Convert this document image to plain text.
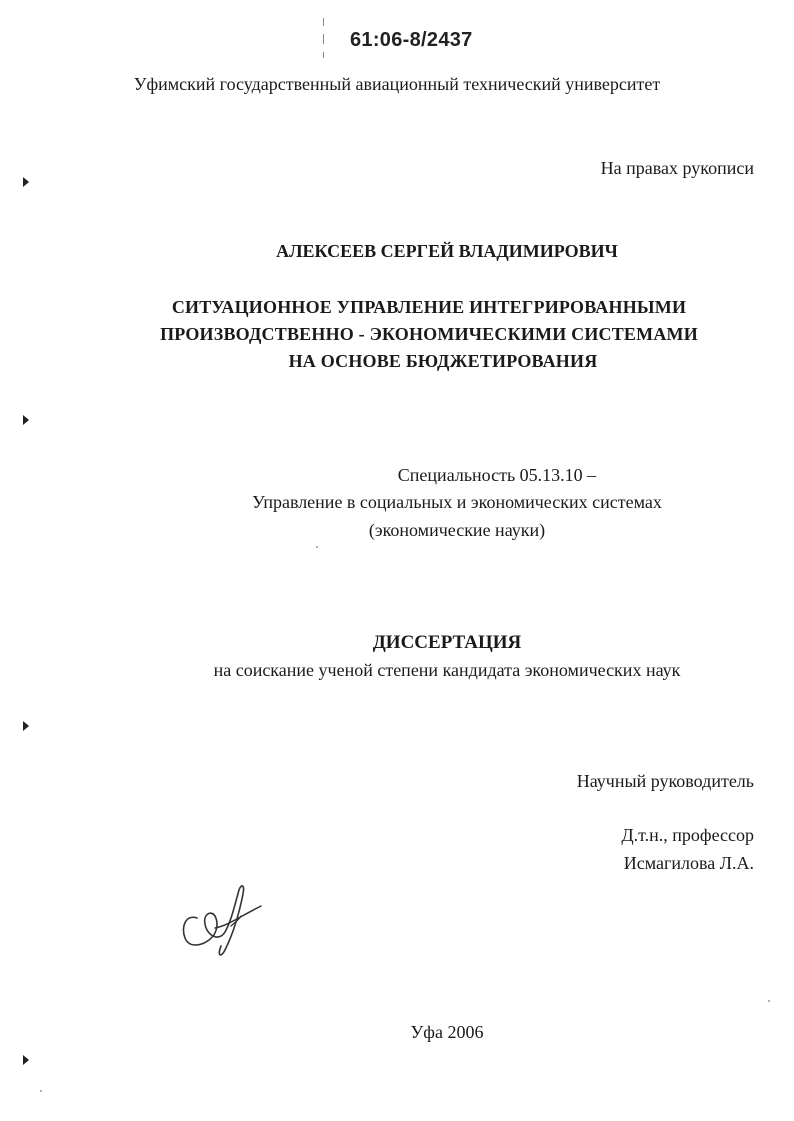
61:06-8/2437
Уфимский государственный авиационный технический университет
На правах рукописи
АЛЕКСЕЕВ СЕРГЕЙ ВЛАДИМИРОВИЧ
СИТУАЦИОННОЕ УПРАВЛЕНИЕ ИНТЕГРИРОВАННЫМИ
ПРОИЗВОДСТВЕННО - ЭКОНОМИЧЕСКИМИ СИСТЕМАМИ
НА ОСНОВЕ БЮДЖЕТИРОВАНИЯ
Специальность 05.13.10 –
Управление в социальных и экономических системах
(экономические науки)
ДИССЕРТАЦИЯ
на соискание ученой степени кандидата экономических наук
Научный руководитель
Д.т.н., профессор
Исмагилова Л.А.
Уфа 2006
